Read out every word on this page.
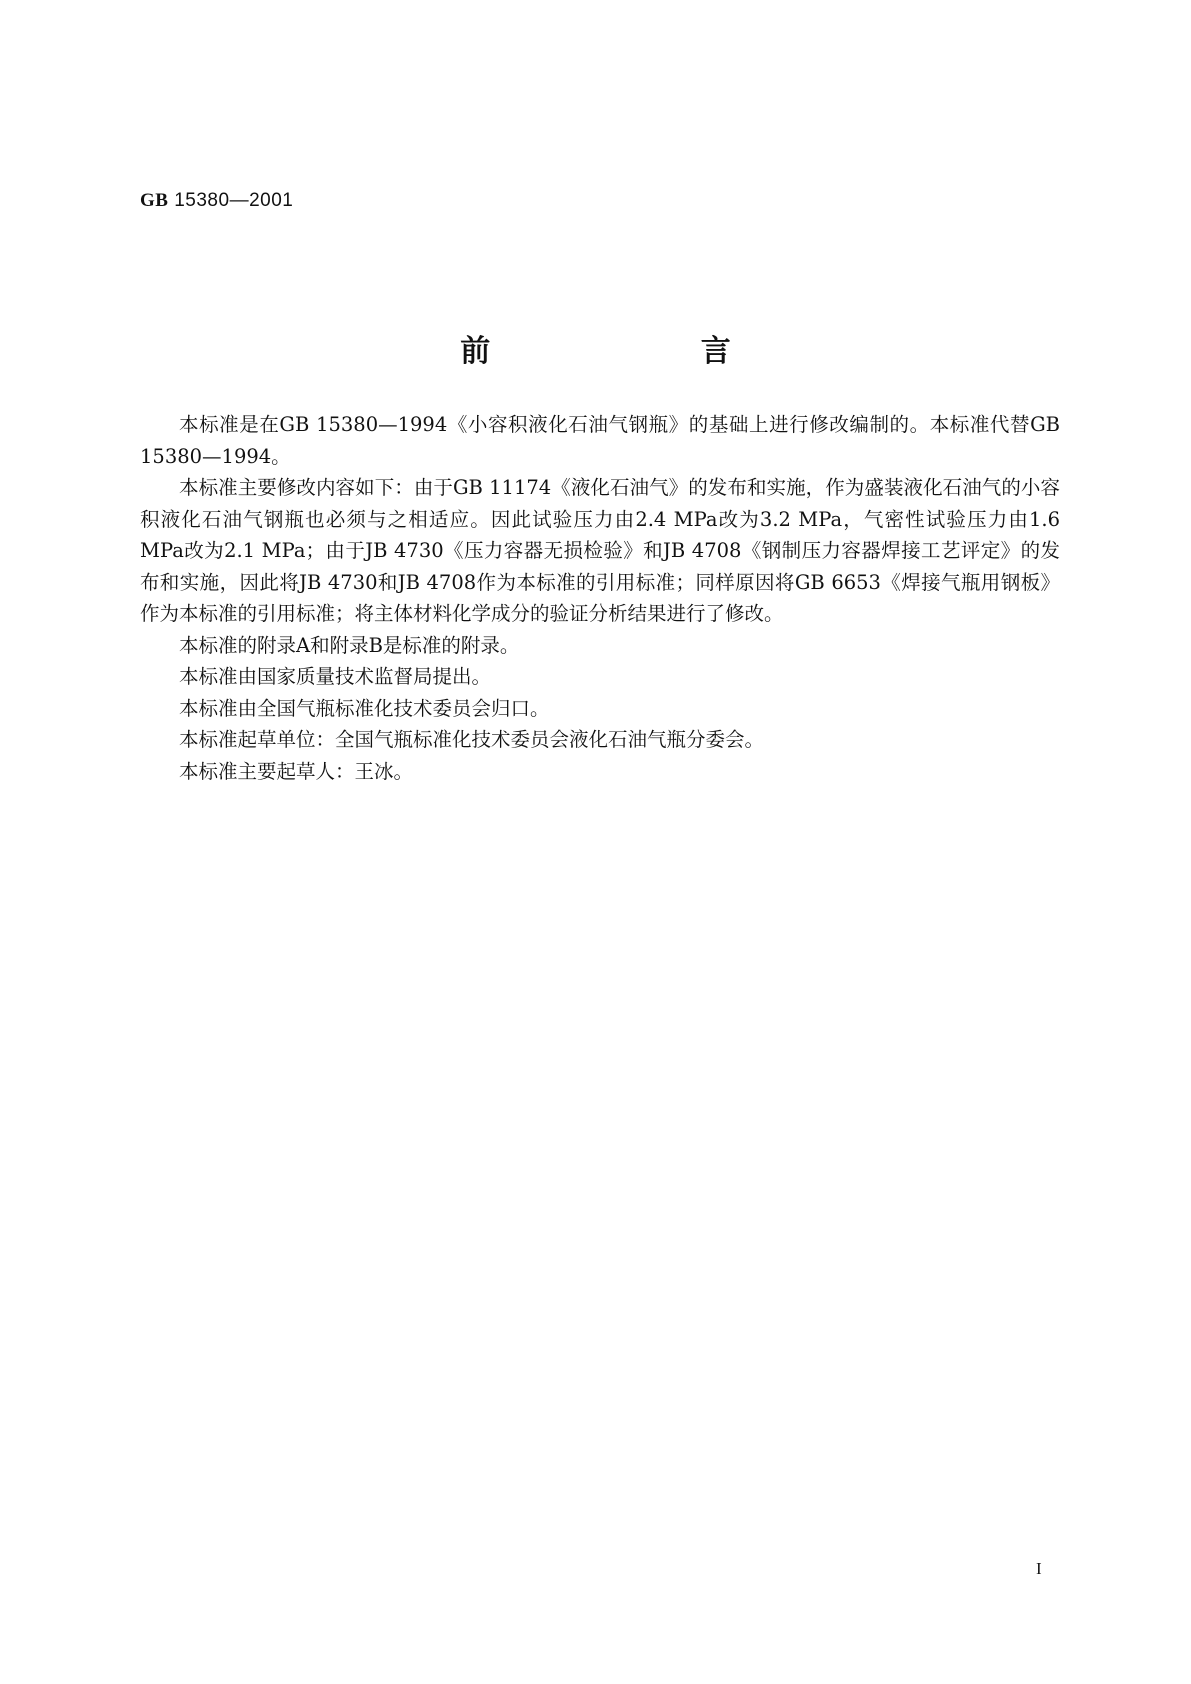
GB 15380—2001
前 言

本标准是在GB 15380—1994《小容积液化石油气钢瓶》的基础上进行修改编制的。本标准代替GB 15380—1994。

本标准主要修改内容如下：由于GB 11174《液化石油气》的发布和实施，作为盛装液化石油气的小容积液化石油气钢瓶也必须与之相适应。因此试验压力由2.4 MPa改为3.2 MPa，气密性试验压力由1.6 MPa改为2.1 MPa；由于JB 4730《压力容器无损检验》和JB 4708《钢制压力容器焊接工艺评定》的发布和实施，因此将JB 4730和JB 4708作为本标准的引用标准；同样原因将GB 6653《焊接气瓶用钢板》作为本标准的引用标准；将主体材料化学成分的验证分析结果进行了修改。

本标准的附录A和附录B是标准的附录。

本标准由国家质量技术监督局提出。

本标准由全国气瓶标准化技术委员会归口。

本标准起草单位：全国气瓶标准化技术委员会液化石油气瓶分委会。

本标准主要起草人：王冰。

I
